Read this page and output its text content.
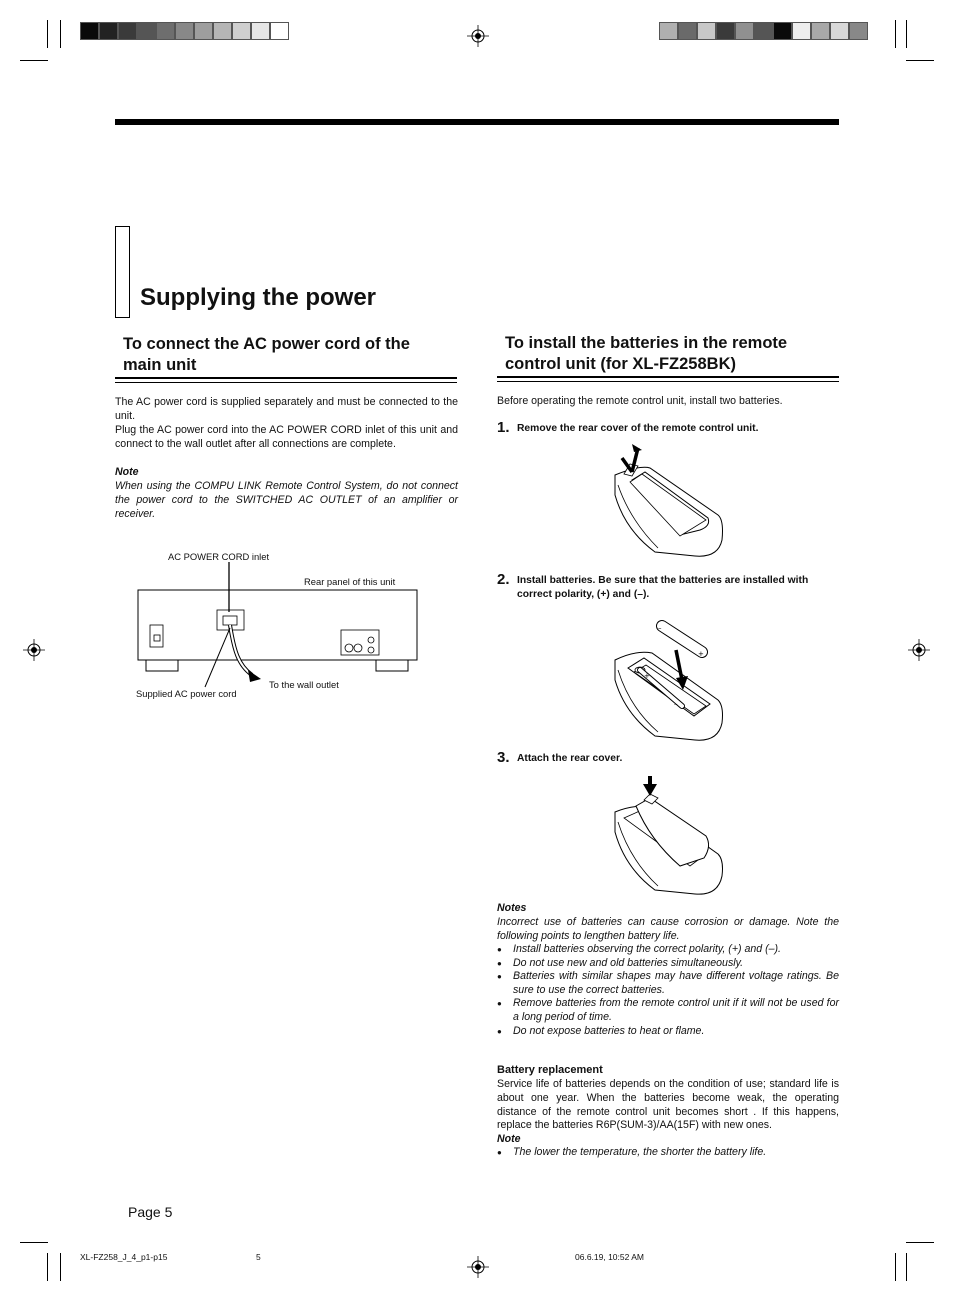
Supplying the power
To connect the AC power cord of the main unit

The AC power cord is supplied separately and must be connected to the unit.

Plug the AC power cord into the AC POWER CORD inlet of this unit and connect to the wall outlet after all connections are complete.

Note

When using the COMPU LINK Remote Control System, do not connect the power cord to the SWITCHED AC OUTLET of an amplifier or receiver.

AC POWER CORD inlet
Rear panel of this unit
Supplied AC power cord
To the wall outlet
To install the batteries in the remote control unit (for XL-FZ258BK)

Before operating the remote control unit, install two batteries.

1. Remove the rear cover of the remote control unit.
2. Install batteries. Be sure that the batteries are installed with correct polarity, (+) and (–).
+
–
–
+
3. Attach the rear cover.

Notes

Incorrect use of batteries can cause corrosion or damage. Note the following points to lengthen battery life.

● Install batteries observing the correct polarity, (+) and (–).
● Do not use new and old batteries simultaneously.
● Batteries with similar shapes may have different voltage ratings. Be sure to use the correct batteries.
● Remove batteries from the remote control unit if it will not be used for a long period of time.
● Do not expose batteries to heat or flame.

Battery replacement

Service life of batteries depends on the condition of use; standard life is about one year. When the batteries become weak, the operating distance of the remote control unit becomes short . If this happens, replace the batteries R6P(SUM-3)/AA(15F) with new ones.

Note

● The lower the temperature, the shorter the battery life.
Page 5
XL-FZ258_J_4_p1-p15	5	06.6.19, 10:52 AM
